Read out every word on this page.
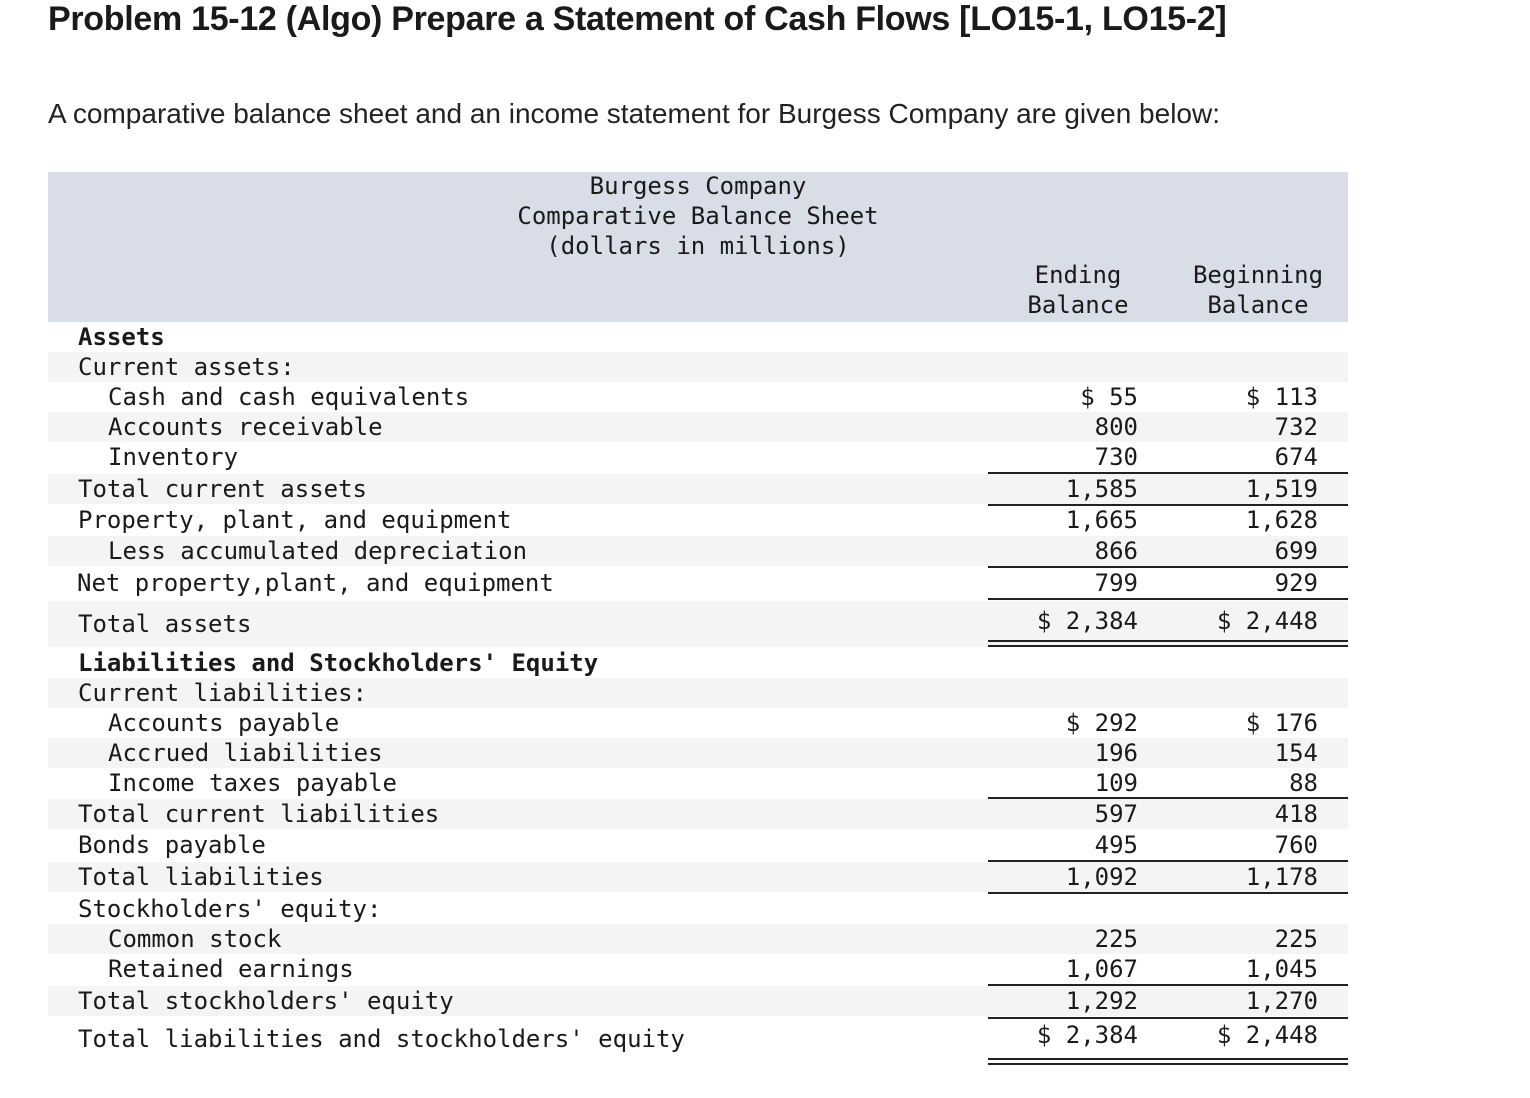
Problem 15-12 (Algo) Prepare a Statement of Cash Flows [LO15-1, LO15-2]
A comparative balance sheet and an income statement for Burgess Company are given below:
Burgess Company
Comparative Balance Sheet
(dollars in millions)
Ending
Balance
Beginning
Balance
Assets
Current assets:
Cash and cash equivalents	$ 55	$ 113
Accounts receivable	800	732
Inventory	730	674
Total current assets	1,585	1,519
Property, plant, and equipment	1,665	1,628
Less accumulated depreciation	866	699
Net property,plant, and equipment	799	929
Total assets	$ 2,384	$ 2,448
Liabilities and Stockholders' Equity
Current liabilities:
Accounts payable	$ 292	$ 176
Accrued liabilities	196	154
Income taxes payable	109	88
Total current liabilities	597	418
Bonds payable	495	760
Total liabilities	1,092	1,178
Stockholders' equity:
Common stock	225	225
Retained earnings	1,067	1,045
Total stockholders' equity	1,292	1,270
Total liabilities and stockholders' equity	$ 2,384	$ 2,448
